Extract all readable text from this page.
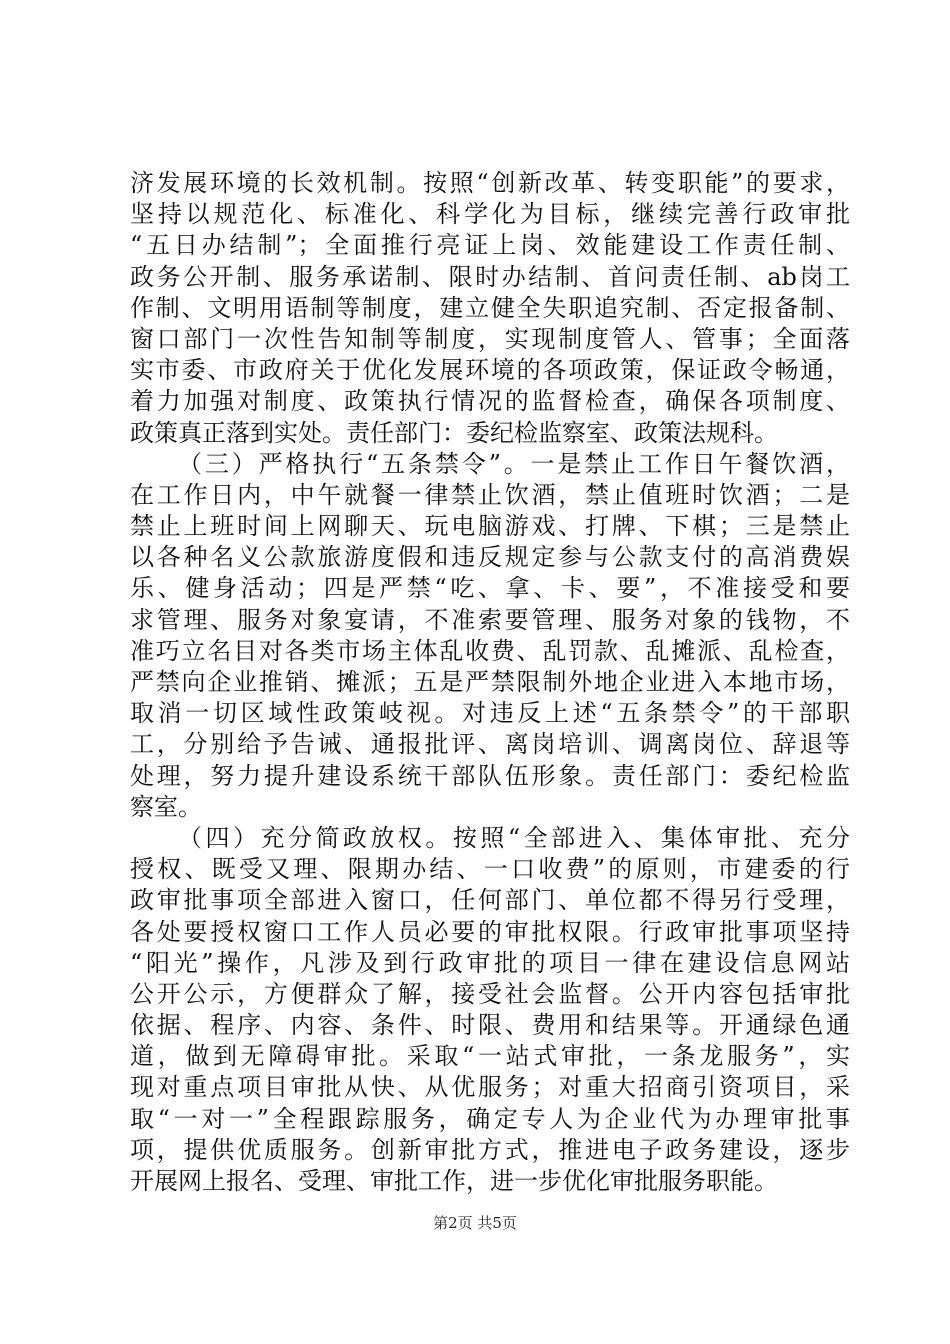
济发展环境的长效机制。按照“创新改革、转变职能”的要求，
坚持以规范化、标准化、科学化为目标，继续完善行政审批
“五日办结制”；全面推行亮证上岗、效能建设工作责任制、
政务公开制、服务承诺制、限时办结制、首问责任制、ab岗工
作制、文明用语制等制度，建立健全失职追究制、否定报备制、
窗口部门一次性告知制等制度，实现制度管人、管事；全面落
实市委、市政府关于优化发展环境的各项政策，保证政令畅通，
着力加强对制度、政策执行情况的监督检查，确保各项制度、
政策真正落到实处。责任部门：委纪检监察室、政策法规科。
（三）严格执行“五条禁令”。一是禁止工作日午餐饮酒，
在工作日内，中午就餐一律禁止饮酒，禁止值班时饮酒；二是
禁止上班时间上网聊天、玩电脑游戏、打牌、下棋；三是禁止
以各种名义公款旅游度假和违反规定参与公款支付的高消费娱
乐、健身活动；四是严禁“吃、拿、卡、要”，不准接受和要
求管理、服务对象宴请，不准索要管理、服务对象的钱物，不
准巧立名目对各类市场主体乱收费、乱罚款、乱摊派、乱检查，
严禁向企业推销、摊派；五是严禁限制外地企业进入本地市场，
取消一切区域性政策岐视。对违反上述“五条禁令”的干部职
工，分别给予告诫、通报批评、离岗培训、调离岗位、辞退等
处理，努力提升建设系统干部队伍形象。责任部门：委纪检监
察室。
（四）充分简政放权。按照“全部进入、集体审批、充分
授权、既受又理、限期办结、一口收费”的原则，市建委的行
政审批事项全部进入窗口，任何部门、单位都不得另行受理，
各处要授权窗口工作人员必要的审批权限。行政审批事项坚持
“阳光”操作，凡涉及到行政审批的项目一律在建设信息网站
公开公示，方便群众了解，接受社会监督。公开内容包括审批
依据、程序、内容、条件、时限、费用和结果等。开通绿色通
道，做到无障碍审批。采取“一站式审批，一条龙服务”，实
现对重点项目审批从快、从优服务；对重大招商引资项目，采
取“一对一”全程跟踪服务，确定专人为企业代为办理审批事
项，提供优质服务。创新审批方式，推进电子政务建设，逐步
开展网上报名、受理、审批工作，进一步优化审批服务职能。
第2页 共5页
